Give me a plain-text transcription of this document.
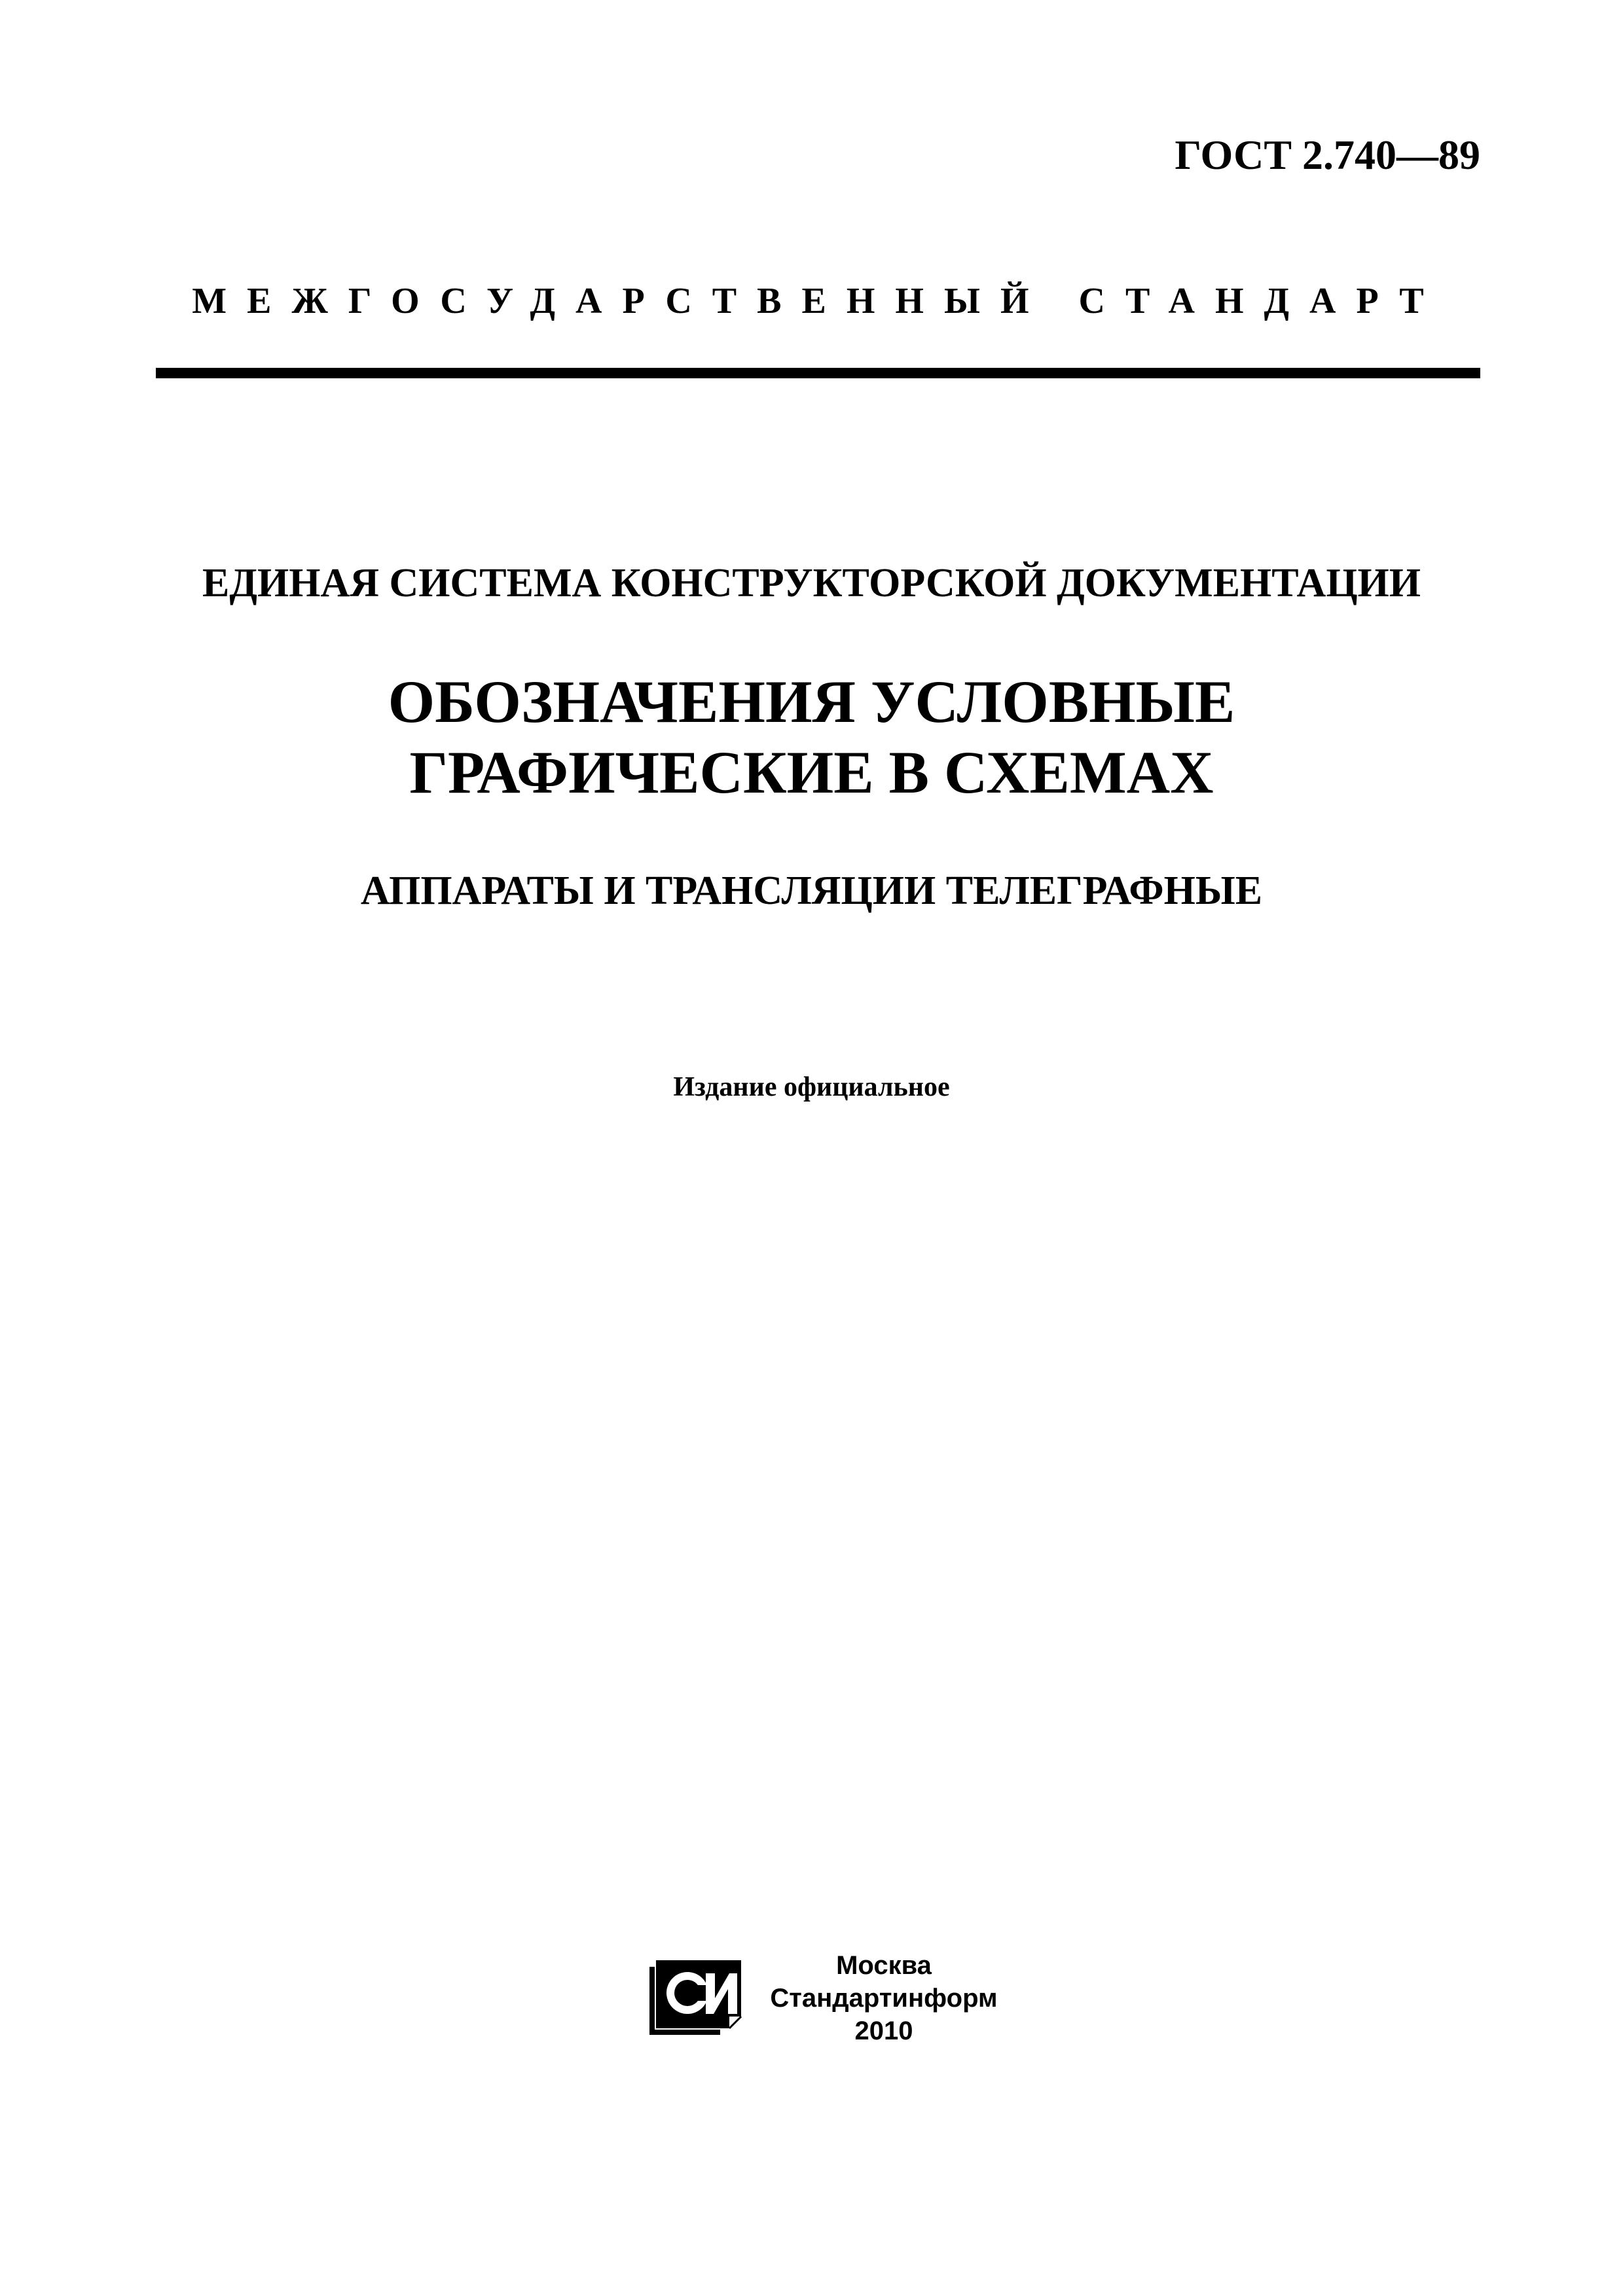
ГОСТ 2.740—89
МЕЖГОСУДАРСТВЕННЫЙ СТАНДАРТ
ЕДИНАЯ СИСТЕМА КОНСТРУКТОРСКОЙ ДОКУМЕНТАЦИИ
ОБОЗНАЧЕНИЯ УСЛОВНЫЕ
ГРАФИЧЕСКИЕ В СХЕМАХ
АППАРАТЫ И ТРАНСЛЯЦИИ ТЕЛЕГРАФНЫЕ
Издание официальное
Москва
Стандартинформ
2010
